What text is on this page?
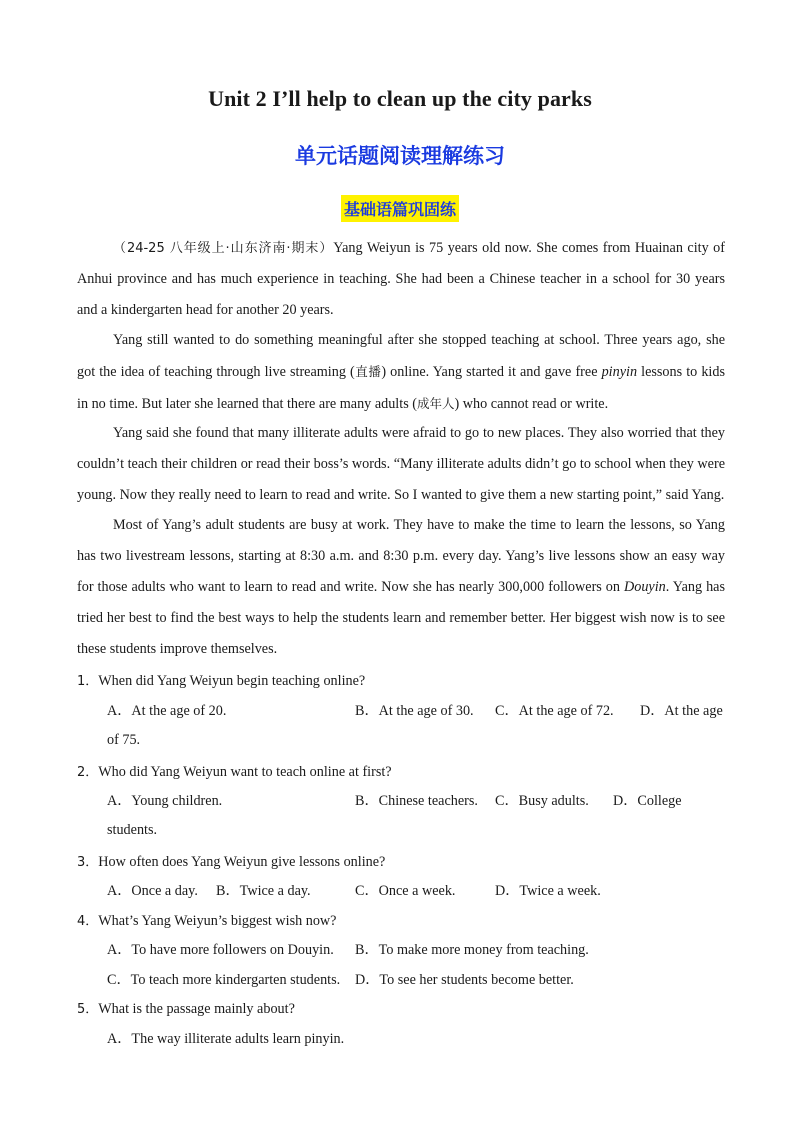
Unit 2 I’ll help to clean up the city parks
单元话题阅读理解练习
基础语篇巩固练
（24-25 八年级上·山东济南·期末）Yang Weiyun is 75 years old now. She comes from Huainan city of Anhui province and has much experience in teaching. She had been a Chinese teacher in a school for 30 years and a kindergarten head for another 20 years.
Yang still wanted to do something meaningful after she stopped teaching at school. Three years ago, she got the idea of teaching through live streaming (直播) online. Yang started it and gave free pinyin lessons to kids in no time. But later she learned that there are many adults (成年人) who cannot read or write.
Yang said she found that many illiterate adults were afraid to go to new places. They also worried that they couldn’t teach their children or read their boss’s words. “Many illiterate adults didn’t go to school when they were young. Now they really need to learn to read and write. So I wanted to give them a new starting point,” said Yang.
Most of Yang’s adult students are busy at work. They have to make the time to learn the lessons, so Yang has two livestream lessons, starting at 8:30 a.m. and 8:30 p.m. every day. Yang’s live lessons show an easy way for those adults who want to learn to read and write. Now she has nearly 300,000 followers on Douyin. Yang has tried her best to find the best ways to help the students learn and remember better. Her biggest wish now is to see these students improve themselves.
1．When did Yang Weiyun begin teaching online?
A．At the age of 20.	B．At the age of 30. C．At the age of 72. D．At the age
of 75.
2．Who did Yang Weiyun want to teach online at first?
A．Young children.	B．Chinese teachers. C．Busy adults. D．College
students.
3．How often does Yang Weiyun give lessons online?
A．Once a day. B．Twice a day.	C．Once a week.	D．Twice a week.
4．What’s Yang Weiyun’s biggest wish now?
A．To have more followers on Douyin. B．To make more money from teaching.
C．To teach more kindergarten students. D．To see her students become better.
5．What is the passage mainly about?
A．The way illiterate adults learn pinyin.
